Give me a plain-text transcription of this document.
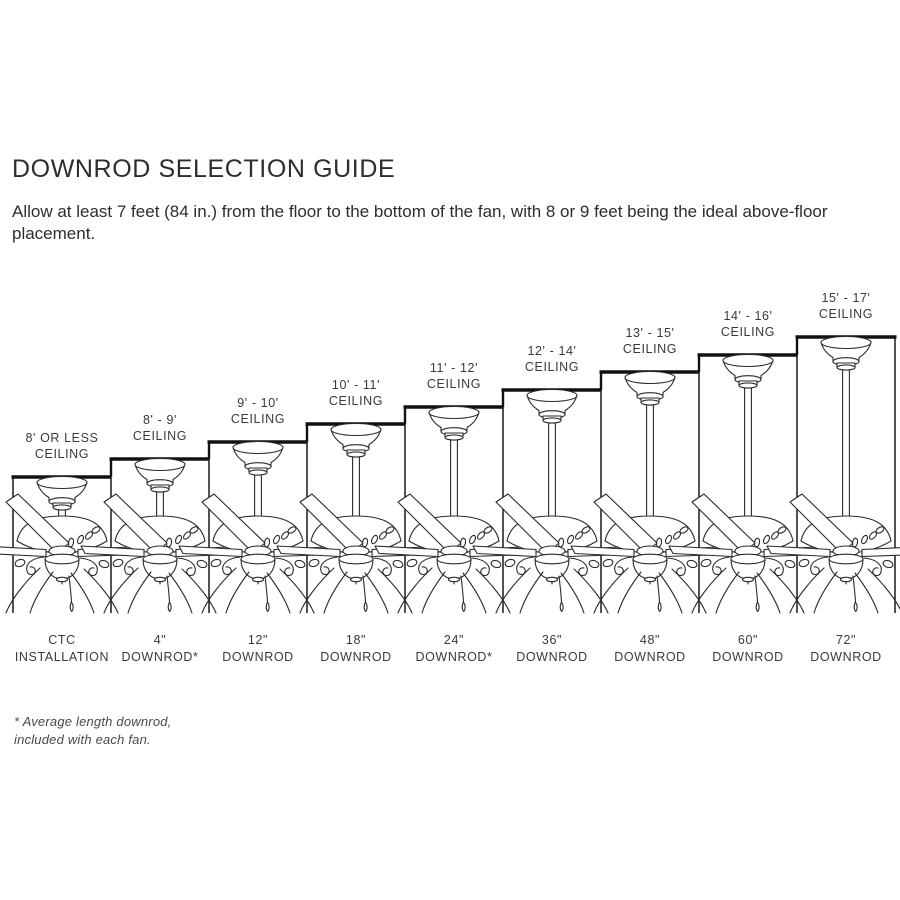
DOWNROD SELECTION GUIDE
Allow at least 7 feet (84 in.) from the floor to the bottom of the fan, with 8 or 9 feet being the ideal above-floor placement.
8' OR LESS
CEILING
8' - 9'
CEILING
9' - 10'
CEILING
10' - 11'
CEILING
11' - 12'
CEILING
12' - 14'
CEILING
13' - 15'
CEILING
14' - 16'
CEILING
15' - 17'
CEILING
CTC
INSTALLATION
4"
DOWNROD*
12"
DOWNROD
18"
DOWNROD
24"
DOWNROD*
36"
DOWNROD
48"
DOWNROD
60"
DOWNROD
72"
DOWNROD
* Average length downrod,
included with each fan.
